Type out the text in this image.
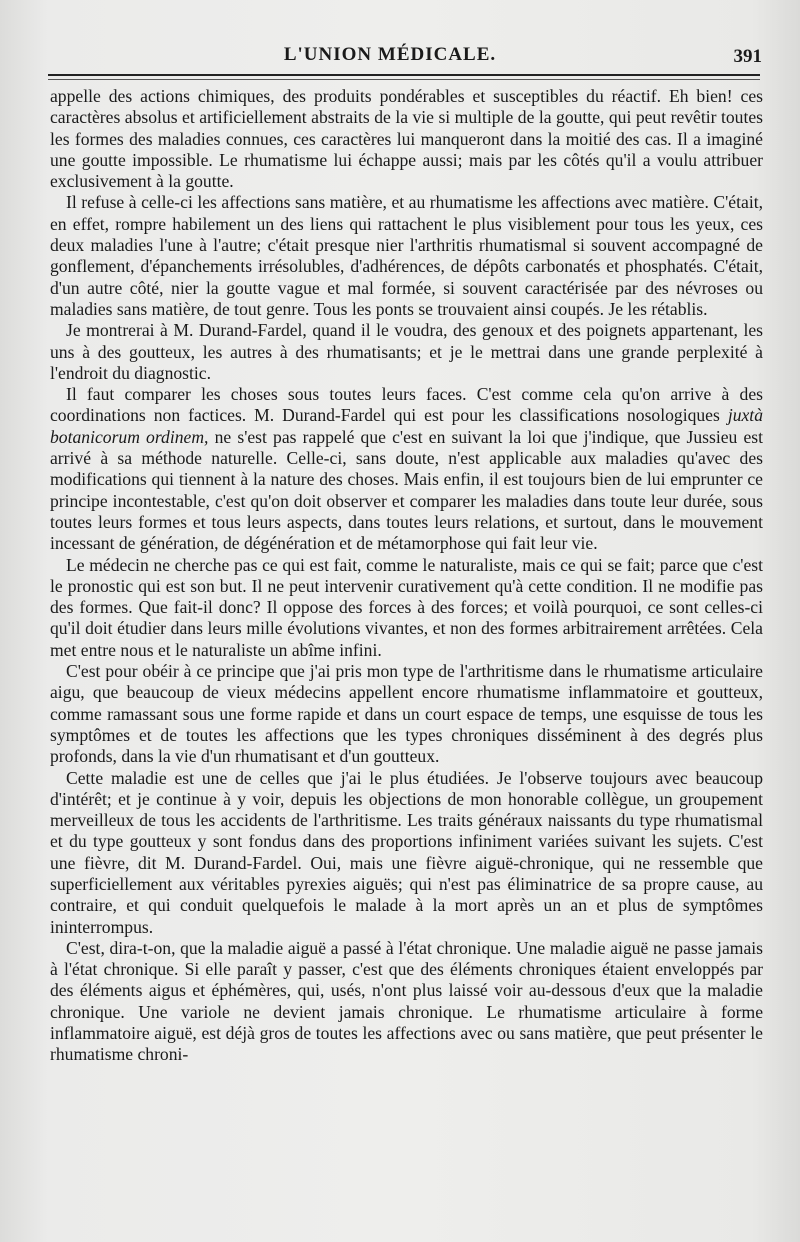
L'UNION MÉDICALE.	391

appelle des actions chimiques, des produits pondérables et susceptibles du réactif. Eh bien! ces caractères absolus et artificiellement abstraits de la vie si multiple de la goutte, qui peut revêtir toutes les formes des maladies connues, ces caractères lui manqueront dans la moitié des cas. Il a imaginé une goutte impossible. Le rhumatisme lui échappe aussi; mais par les côtés qu'il a voulu attribuer exclusivement à la goutte.

Il refuse à celle-ci les affections sans matière, et au rhumatisme les affections avec matière. C'était, en effet, rompre habilement un des liens qui rattachent le plus visiblement pour tous les yeux, ces deux maladies l'une à l'autre; c'était presque nier l'arthritis rhumatismal si souvent accompagné de gonflement, d'épanchements irrésolubles, d'adhérences, de dépôts carbonatés et phosphatés. C'était, d'un autre côté, nier la goutte vague et mal formée, si souvent caractérisée par des névroses ou maladies sans matière, de tout genre. Tous les ponts se trouvaient ainsi coupés. Je les rétablis.

Je montrerai à M. Durand-Fardel, quand il le voudra, des genoux et des poignets appartenant, les uns à des goutteux, les autres à des rhumatisants; et je le mettrai dans une grande perplexité à l'endroit du diagnostic.

Il faut comparer les choses sous toutes leurs faces. C'est comme cela qu'on arrive à des coordinations non factices. M. Durand-Fardel qui est pour les classifications nosologiques juxtà botanicorum ordinem, ne s'est pas rappelé que c'est en suivant la loi que j'indique, que Jussieu est arrivé à sa méthode naturelle. Celle-ci, sans doute, n'est applicable aux maladies qu'avec des modifications qui tiennent à la nature des choses. Mais enfin, il est toujours bien de lui emprunter ce principe incontestable, c'est qu'on doit observer et comparer les maladies dans toute leur durée, sous toutes leurs formes et tous leurs aspects, dans toutes leurs relations, et surtout, dans le mouvement incessant de génération, de dégénération et de métamorphose qui fait leur vie.

Le médecin ne cherche pas ce qui est fait, comme le naturaliste, mais ce qui se fait; parce que c'est le pronostic qui est son but. Il ne peut intervenir curativement qu'à cette condition. Il ne modifie pas des formes. Que fait-il donc? Il oppose des forces à des forces; et voilà pourquoi, ce sont celles-ci qu'il doit étudier dans leurs mille évolutions vivantes, et non des formes arbitrairement arrêtées. Cela met entre nous et le naturaliste un abîme infini.

C'est pour obéir à ce principe que j'ai pris mon type de l'arthritisme dans le rhumatisme articulaire aigu, que beaucoup de vieux médecins appellent encore rhumatisme inflammatoire et goutteux, comme ramassant sous une forme rapide et dans un court espace de temps, une esquisse de tous les symptômes et de toutes les affections que les types chroniques disséminent à des degrés plus profonds, dans la vie d'un rhumatisant et d'un goutteux.

Cette maladie est une de celles que j'ai le plus étudiées. Je l'observe toujours avec beaucoup d'intérêt; et je continue à y voir, depuis les objections de mon honorable collègue, un groupement merveilleux de tous les accidents de l'arthritisme. Les traits généraux naissants du type rhumatismal et du type goutteux y sont fondus dans des proportions infiniment variées suivant les sujets. C'est une fièvre, dit M. Durand-Fardel. Oui, mais une fièvre aiguë-chronique, qui ne ressemble que superficiellement aux véritables pyrexies aiguës; qui n'est pas éliminatrice de sa propre cause, au contraire, et qui conduit quelquefois le malade à la mort après un an et plus de symptômes ininterrompus.

C'est, dira-t-on, que la maladie aiguë a passé à l'état chronique. Une maladie aiguë ne passe jamais à l'état chronique. Si elle paraît y passer, c'est que des éléments chroniques étaient enveloppés par des éléments aigus et éphémères, qui, usés, n'ont plus laissé voir au-dessous d'eux que la maladie chronique. Une variole ne devient jamais chronique. Le rhumatisme articulaire à forme inflammatoire aiguë, est déjà gros de toutes les affections avec ou sans matière, que peut présenter le rhumatisme chroni-
